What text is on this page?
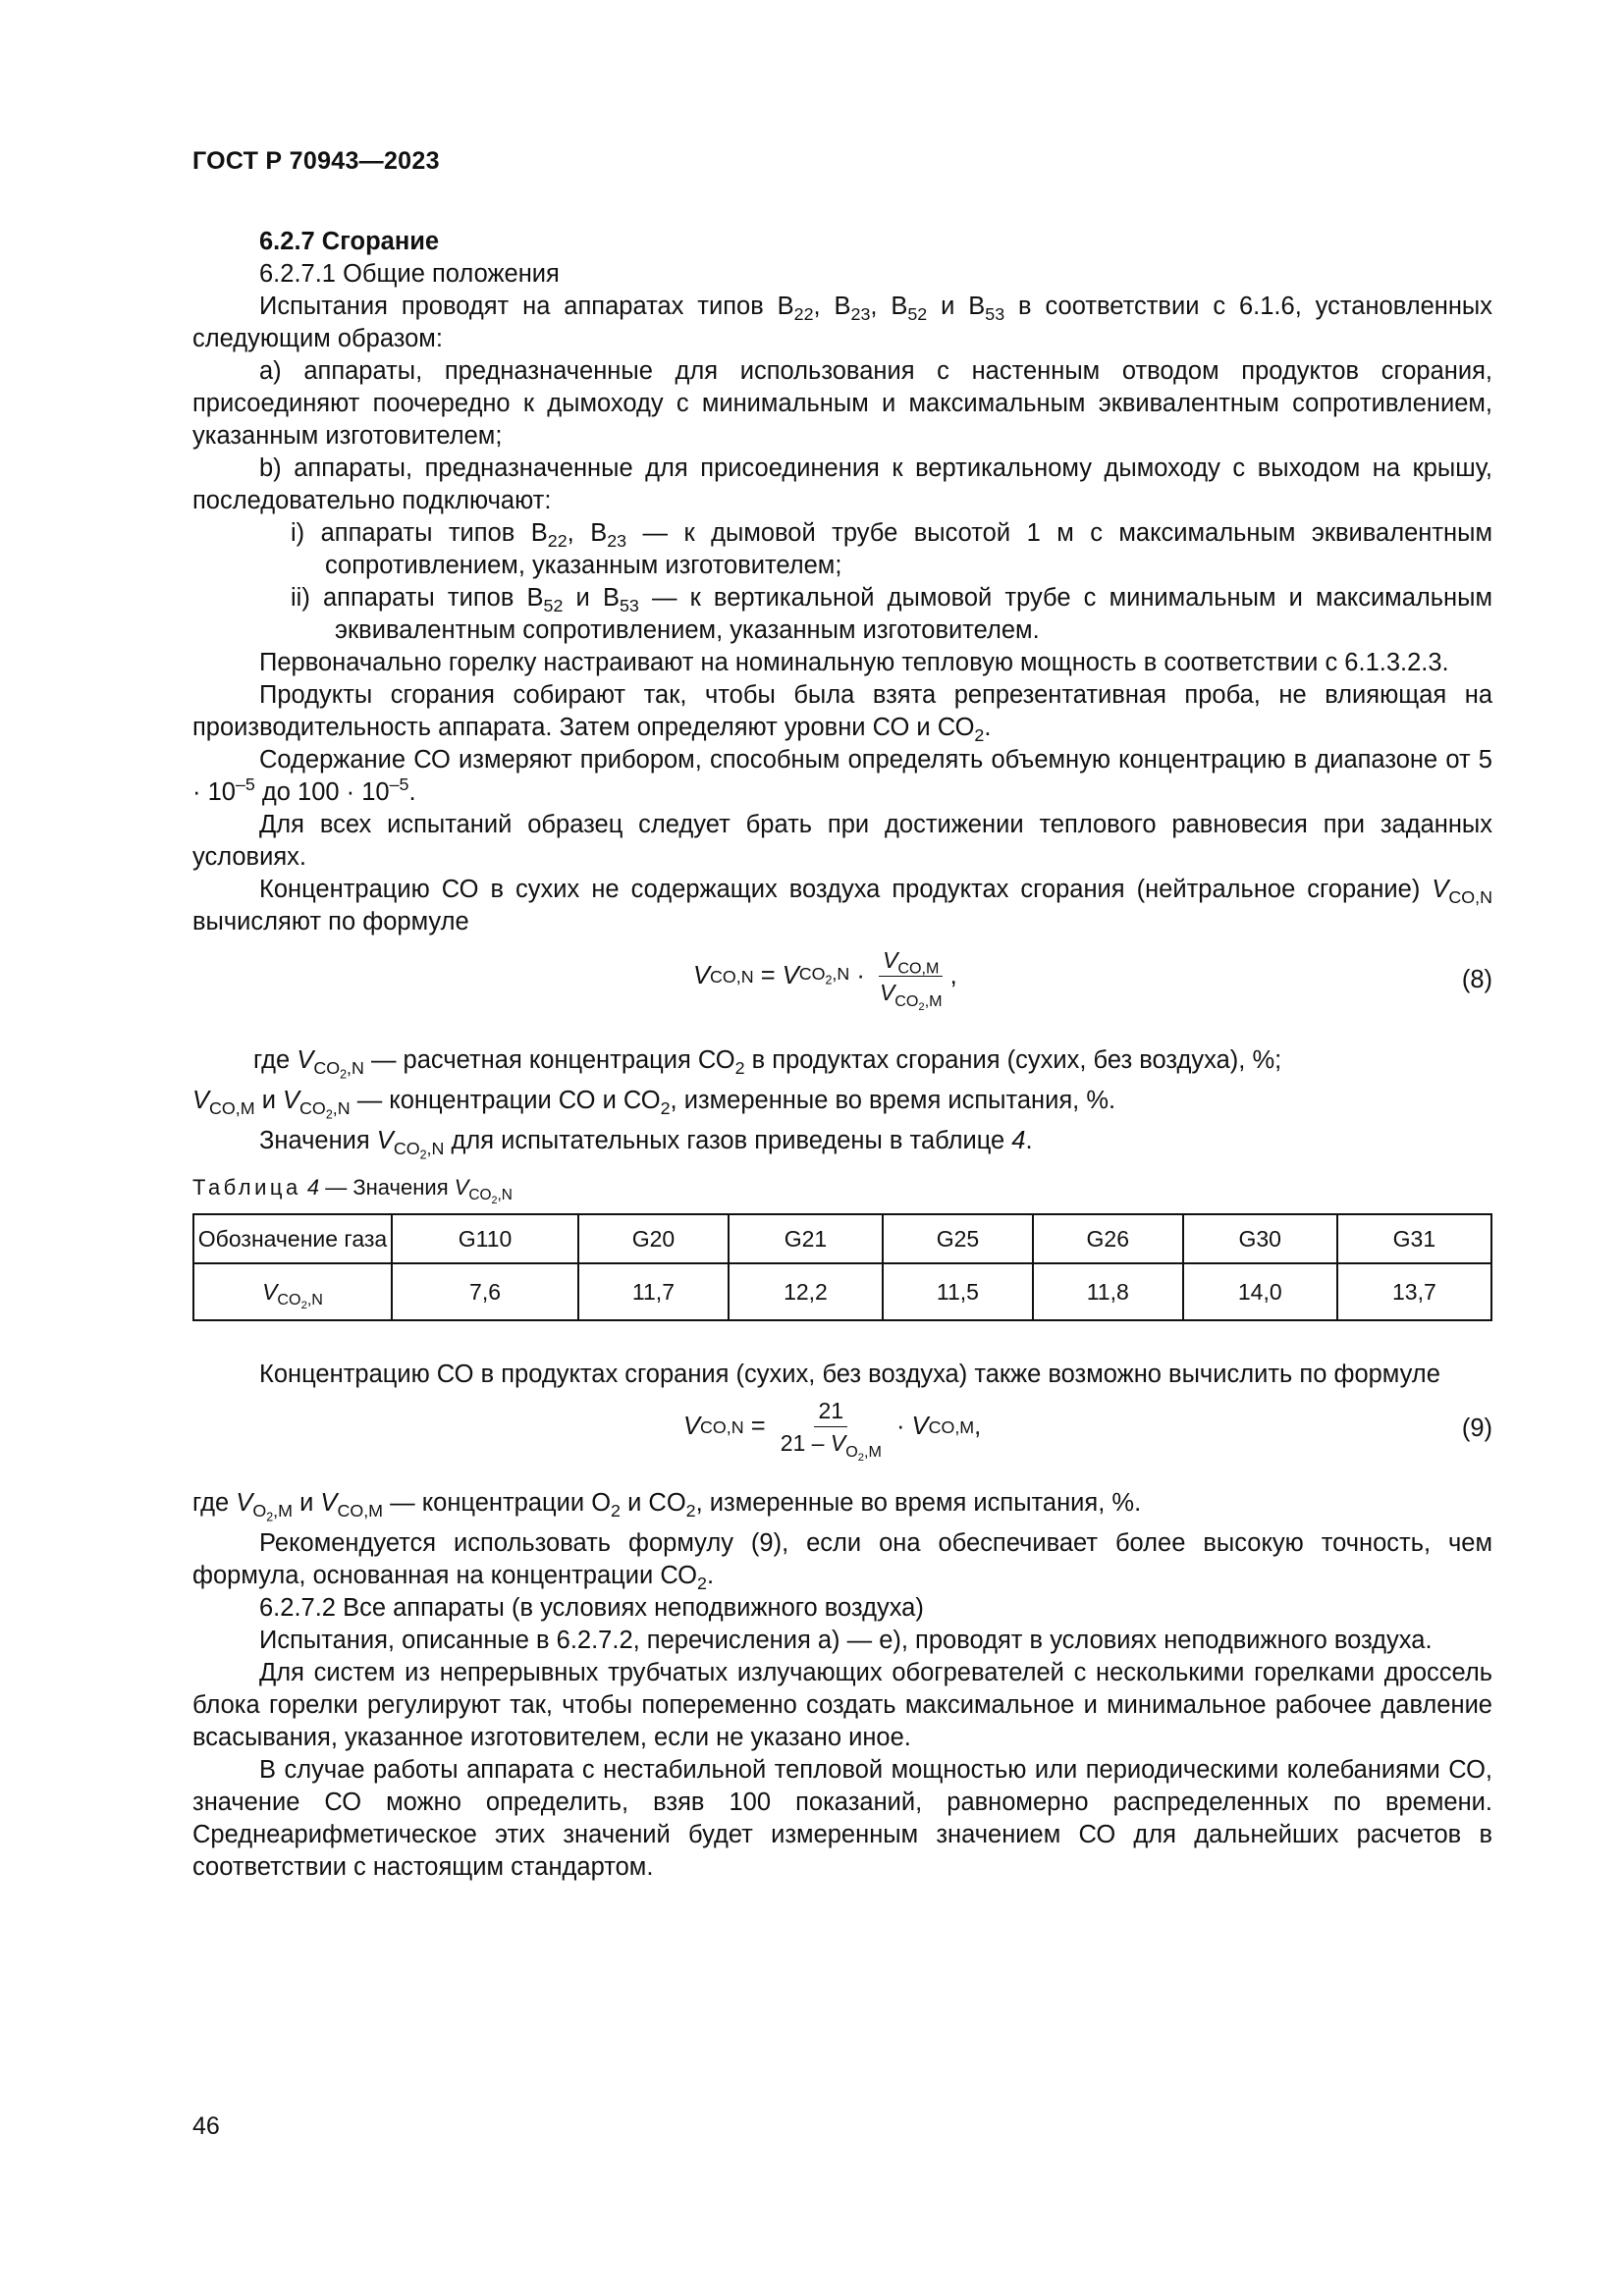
ГОСТ Р 70943—2023

6.2.7 Сгорание

6.2.7.1 Общие положения

Испытания проводят на аппаратах типов $В_{22}$, $В_{23}$, $В_{52}$ и $В_{53}$ в соответствии с 6.1.6, установленных следующим образом:

a) аппараты, предназначенные для использования с настенным отводом продуктов сгорания, присоединяют поочередно к дымоходу с минимальным и максимальным эквивалентным сопротивлением, указанным изготовителем;

b) аппараты, предназначенные для присоединения к вертикальному дымоходу с выходом на крышу, последовательно подключают:

i) аппараты типов $В_{22}$, $В_{23}$ — к дымовой трубе высотой 1 м с максимальным эквивалентным сопротивлением, указанным изготовителем;

ii) аппараты типов $В_{52}$ и $В_{53}$ — к вертикальной дымовой трубе с минимальным и максимальным эквивалентным сопротивлением, указанным изготовителем.

Первоначально горелку настраивают на номинальную тепловую мощность в соответствии с 6.1.3.2.3.

Продукты сгорания собирают так, чтобы была взята репрезентативная проба, не влияющая на производительность аппарата. Затем определяют уровни СО и $СО_2$.

Содержание СО измеряют прибором, способным определять объемную концентрацию в диапазоне от $5 \cdot 10^{-5}$ до $100 \cdot 10^{-5}$.

Для всех испытаний образец следует брать при достижении теплового равновесия при заданных условиях.

Концентрацию СО в сухих не содержащих воздуха продуктах сгорания (нейтральное сгорание) $V_{CO,N}$ вычисляют по формуле

V CO,N = V $CO_2,N \cdot \frac{V_{CO,M}}{V_{CO_2,M}}$ ,	(8)

где $V_{CO_2,N}$ — расчетная концентрация $СО_2$ в продуктах сгорания (сухих, без воздуха), %;

$V_{CO,M}$ и $V_{CO_2,N}$ — концентрации СО и $СО_2$, измеренные во время испытания, %.

Значения $V_{CO_2,N}$ для испытательных газов приведены в таблице 4.

Таблица 4 — Значения $V_{CO_2,N}$
Обозначение газа	G110	G20	G21	G25	G26	G30	G31
$V_{CO_2,N}$	7,6	11,7	12,2	11,5	11,8	14,0	13,7

Концентрацию СО в продуктах сгорания (сухих, без воздуха) также возможно вычислить по формуле

V $CO,N = \frac{21}{21 - V_{O_2,M}} \cdot V$ CO,M ,	(9)

где $V_{O_2,M}$ и $V_{CO,M}$ — концентрации $O_2$ и $CO_2$, измеренные во время испытания, %.

Рекомендуется использовать формулу (9), если она обеспечивает более высокую точность, чем формула, основанная на концентрации $СО_2$.

6.2.7.2 Все аппараты (в условиях неподвижного воздуха)

Испытания, описанные в 6.2.7.2, перечисления а) — е), проводят в условиях неподвижного воздуха.

Для систем из непрерывных трубчатых излучающих обогревателей с несколькими горелками дроссель блока горелки регулируют так, чтобы попеременно создать максимальное и минимальное рабочее давление всасывания, указанное изготовителем, если не указано иное.

В случае работы аппарата с нестабильной тепловой мощностью или периодическими колебаниями СО, значение СО можно определить, взяв 100 показаний, равномерно распределенных по времени. Среднеарифметическое этих значений будет измеренным значением СО для дальнейших расчетов в соответствии с настоящим стандартом.

46
